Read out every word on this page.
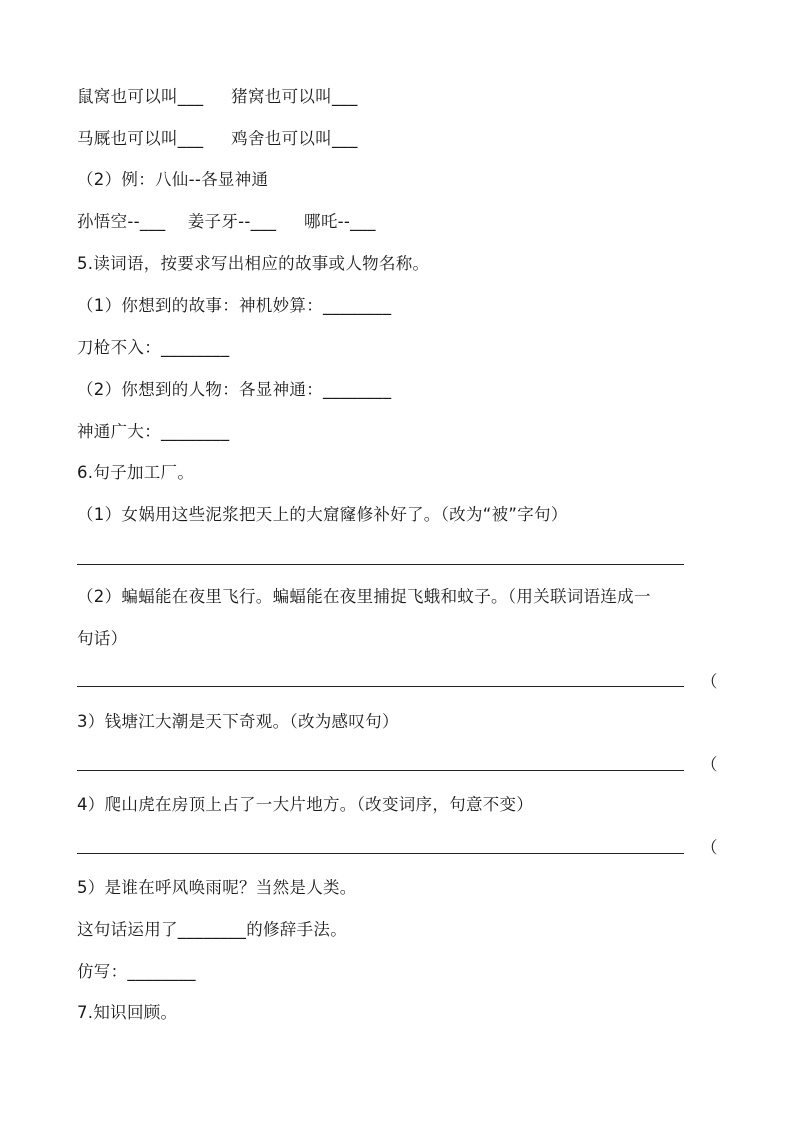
鼠窝也可以叫___     猪窝也可以叫___
马厩也可以叫___     鸡舍也可以叫___
（2）例：八仙--各显神通
孙悟空--___    姜子牙--___     哪吒--___
5.读词语，按要求写出相应的故事或人物名称。
（1）你想到的故事：神机妙算：________
刀枪不入：________
（2）你想到的人物：各显神通：________
神通广大：________
6.句子加工厂。
（1）女娲用这些泥浆把天上的大窟窿修补好了。（改为“被”字句）
（2）蝙蝠能在夜里飞行。蝙蝠能在夜里捕捉飞蛾和蚊子。（用关联词语连成一
句话）
（
3）钱塘江大潮是天下奇观。（改为感叹句）
（
4）爬山虎在房顶上占了一大片地方。（改变词序，句意不变）
（
5）是谁在呼风唤雨呢？当然是人类。
这句话运用了________的修辞手法。
仿写：________
7.知识回顾。
